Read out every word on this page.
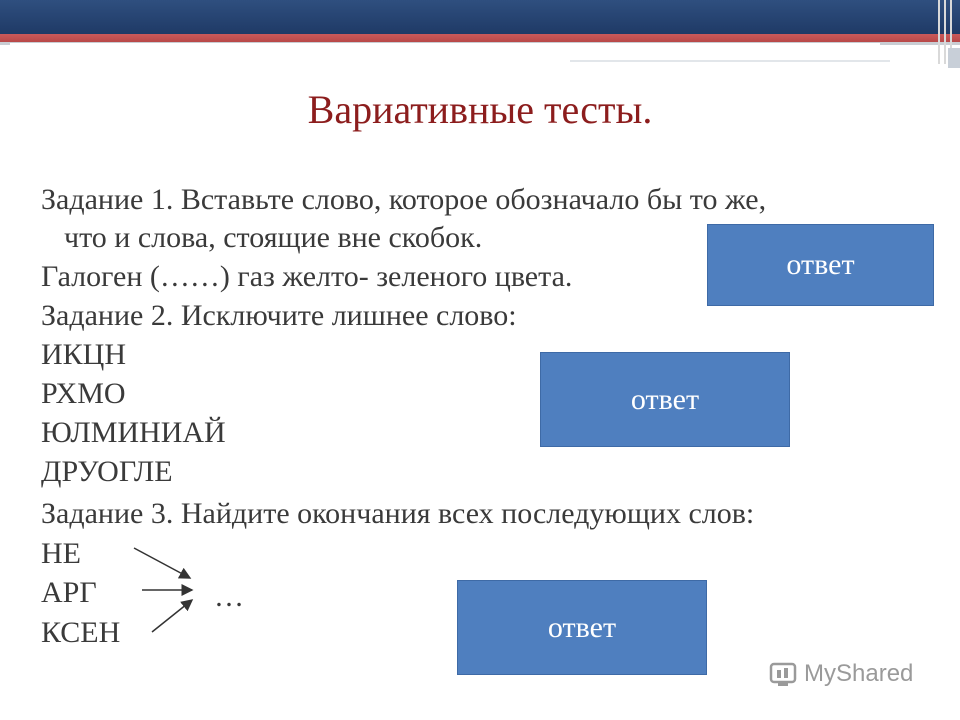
Вариативные тесты.
Задание 1. Вставьте слово, которое обозначало бы то же,
что и слова, стоящие вне скобок.
Галоген (……) газ желто- зеленого цвета.
Задание 2. Исключите лишнее слово:
ИКЦН
РХМО
ЮЛМИНИАЙ
ДРУОГЛЕ
Задание 3. Найдите окончания всех последующих слов:
НЕ
АРГ
КСЕН
…
ответ
ответ
ответ
MyShared
